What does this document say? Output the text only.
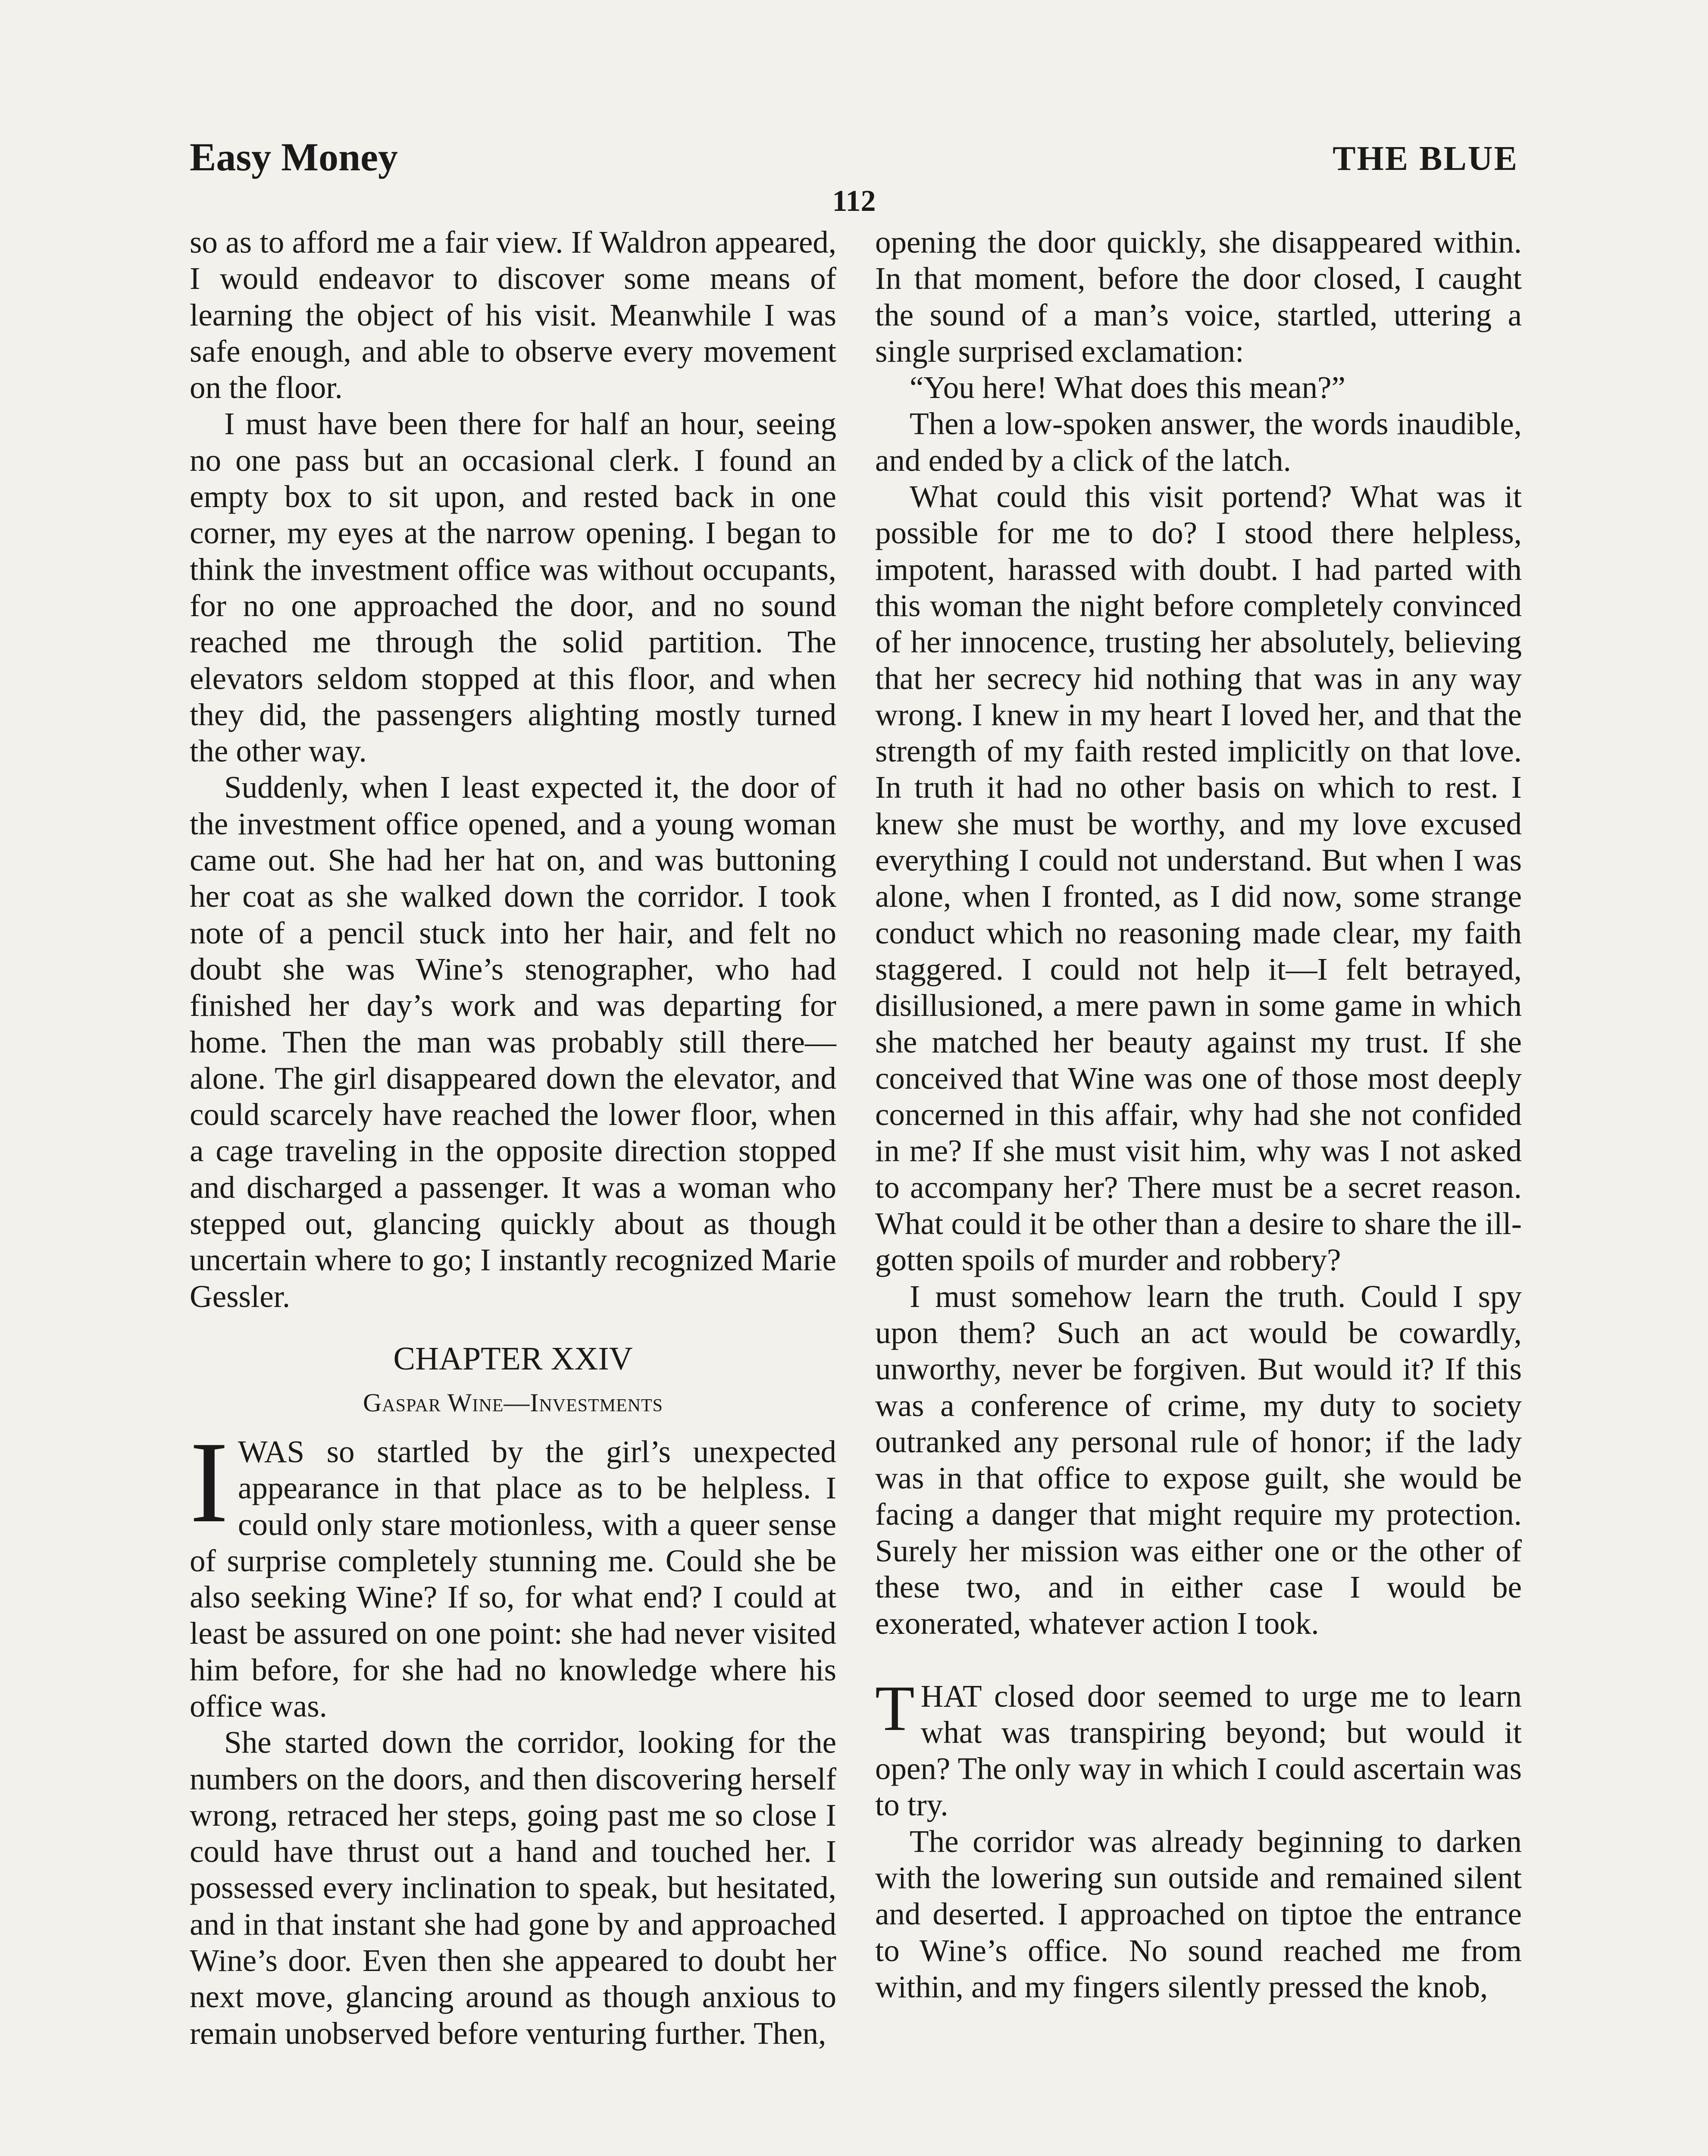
Easy Money	THE BLUE
112

so as to afford me a fair view. If Waldron appeared, I would endeavor to discover some means of learning the object of his visit. Meanwhile I was safe enough, and able to observe every movement on the floor.

I must have been there for half an hour, seeing no one pass but an occasional clerk. I found an empty box to sit upon, and rested back in one corner, my eyes at the narrow opening. I began to think the investment office was without occupants, for no one approached the door, and no sound reached me through the solid partition. The elevators seldom stopped at this floor, and when they did, the passengers alighting mostly turned the other way.

Suddenly, when I least expected it, the door of the investment office opened, and a young woman came out. She had her hat on, and was buttoning her coat as she walked down the corridor. I took note of a pencil stuck into her hair, and felt no doubt she was Wine’s stenographer, who had finished her day’s work and was departing for home. Then the man was probably still there—alone. The girl disappeared down the elevator, and could scarcely have reached the lower floor, when a cage traveling in the opposite direction stopped and discharged a passenger. It was a woman who stepped out, glancing quickly about as though uncertain where to go; I instantly recognized Marie Gessler.

CHAPTER XXIV
Gaspar Wine—Investments

IWAS so startled by the girl’s unexpected appearance in that place as to be helpless. I could only stare motionless, with a queer sense of surprise completely stunning me. Could she be also seeking Wine? If so, for what end? I could at least be assured on one point: she had never visited him before, for she had no knowledge where his office was.

She started down the corridor, looking for the numbers on the doors, and then discovering herself wrong, retraced her steps, going past me so close I could have thrust out a hand and touched her. I possessed every inclination to speak, but hesitated, and in that instant she had gone by and approached Wine’s door. Even then she appeared to doubt her next move, glancing around as though anxious to remain unobserved before venturing further. Then,

opening the door quickly, she disappeared within. In that moment, before the door closed, I caught the sound of a man’s voice, startled, uttering a single surprised exclamation:

“You here! What does this mean?”

Then a low-spoken answer, the words inaudible, and ended by a click of the latch.

What could this visit portend? What was it possible for me to do? I stood there helpless, impotent, harassed with doubt. I had parted with this woman the night before completely convinced of her innocence, trusting her absolutely, believing that her secrecy hid nothing that was in any way wrong. I knew in my heart I loved her, and that the strength of my faith rested implicitly on that love. In truth it had no other basis on which to rest. I knew she must be worthy, and my love excused everything I could not understand. But when I was alone, when I fronted, as I did now, some strange conduct which no reasoning made clear, my faith staggered. I could not help it—I felt betrayed, disillusioned, a mere pawn in some game in which she matched her beauty against my trust. If she conceived that Wine was one of those most deeply concerned in this affair, why had she not confided in me? If she must visit him, why was I not asked to accompany her? There must be a secret reason. What could it be other than a desire to share the ill-gotten spoils of murder and robbery?

I must somehow learn the truth. Could I spy upon them? Such an act would be cowardly, unworthy, never be forgiven. But would it? If this was a conference of crime, my duty to society outranked any personal rule of honor; if the lady was in that office to expose guilt, she would be facing a danger that might require my protection. Surely her mission was either one or the other of these two, and in either case I would be exonerated, whatever action I took.

THAT closed door seemed to urge me to learn what was transpiring beyond; but would it open? The only way in which I could ascertain was to try.

The corridor was already beginning to darken with the lowering sun outside and remained silent and deserted. I approached on tiptoe the entrance to Wine’s office. No sound reached me from within, and my fingers silently pressed the knob,
